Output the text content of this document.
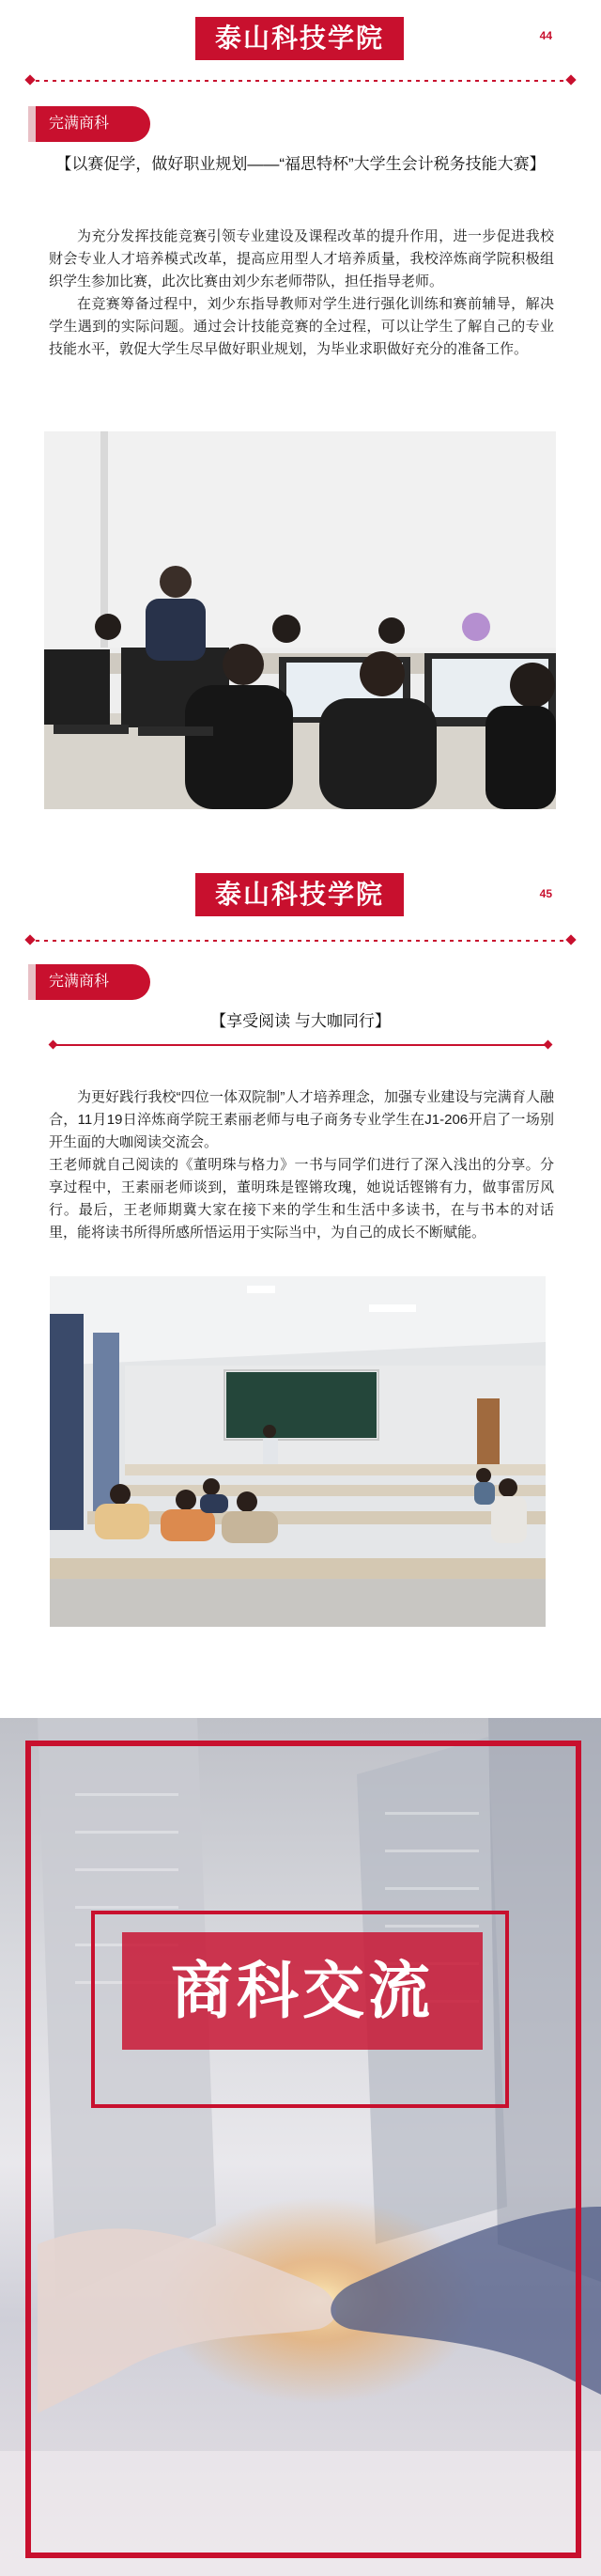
泰山科技学院	44
完满商科
【以赛促学，做好职业规划——“福思特杯”大学生会计税务技能大赛】

为充分发挥技能竞赛引领专业建设及课程改革的提升作用，进一步促进我校财会专业人才培养模式改革，提高应用型人才培养质量，我校淬炼商学院积极组织学生参加比赛，此次比赛由刘少东老师带队，担任指导老师。

在竞赛筹备过程中，刘少东指导教师对学生进行强化训练和赛前辅导，解决学生遇到的实际问题。通过会计技能竞赛的全过程，可以让学生了解自己的专业技能水平，敦促大学生尽早做好职业规划，为毕业求职做好充分的准备工作。

泰山科技学院	45
完满商科
【享受阅读 与大咖同行】

为更好践行我校“四位一体双院制”人才培养理念，加强专业建设与完满育人融合，11月19日淬炼商学院王素丽老师与电子商务专业学生在J1-206开启了一场别开生面的大咖阅读交流会。

王老师就自己阅读的《董明珠与格力》一书与同学们进行了深入浅出的分享。分享过程中，王素丽老师谈到，董明珠是铿锵玫瑰，她说话铿锵有力，做事雷厉风行。最后，王老师期冀大家在接下来的学生和生活中多读书，在与书本的对话里，能将读书所得所感所悟运用于实际当中，为自己的成长不断赋能。

商科交流
